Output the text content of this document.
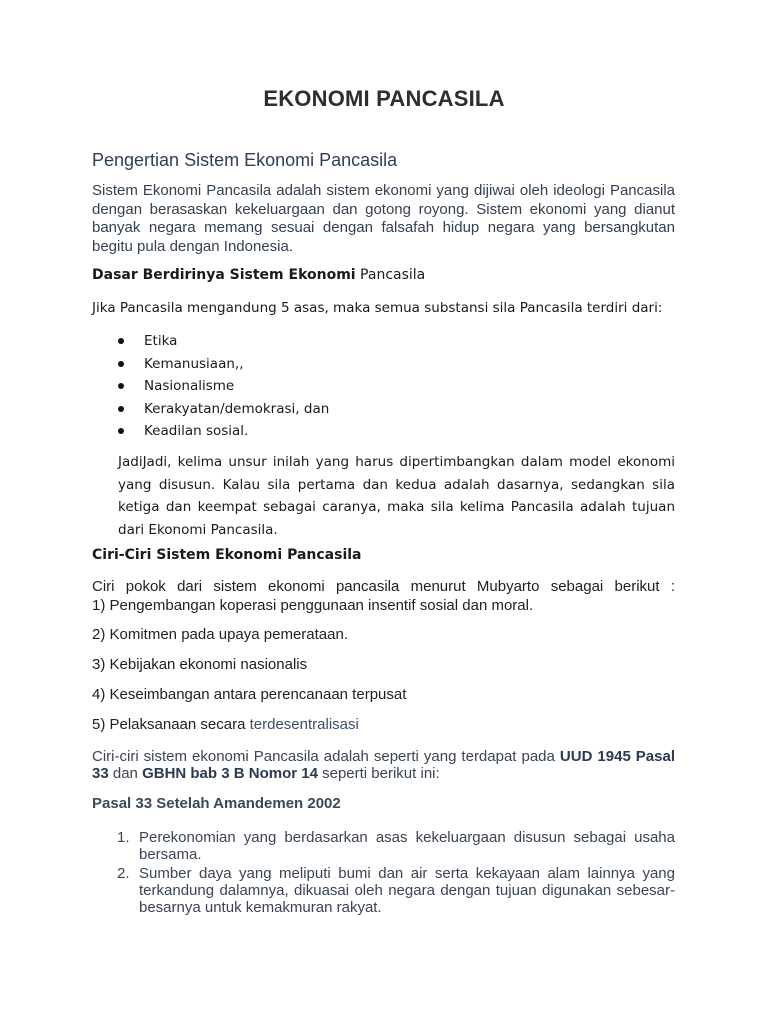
EKONOMI PANCASILA
Pengertian Sistem Ekonomi Pancasila
Sistem Ekonomi Pancasila adalah sistem ekonomi yang dijiwai oleh ideologi Pancasila dengan berasaskan kekeluargaan dan gotong royong. Sistem ekonomi yang dianut banyak negara memang sesuai dengan falsafah hidup negara yang bersangkutan begitu pula dengan Indonesia.
Dasar Berdirinya Sistem Ekonomi Pancasila
Jika Pancasila mengandung 5 asas, maka semua substansi sila Pancasila terdiri dari:
Etika
Kemanusiaan,,
Nasionalisme
Kerakyatan/demokrasi, dan
Keadilan sosial.
JadiJadi, kelima unsur inilah yang harus dipertimbangkan dalam model ekonomi yang disusun. Kalau sila pertama dan kedua adalah dasarnya, sedangkan sila ketiga dan keempat sebagai caranya, maka sila kelima Pancasila adalah tujuan dari Ekonomi Pancasila.
Ciri-Ciri Sistem Ekonomi Pancasila
Ciri pokok dari sistem ekonomi pancasila menurut Mubyarto sebagai berikut :
1) Pengembangan koperasi penggunaan insentif sosial dan moral.
2) Komitmen pada upaya pemerataan.
3) Kebijakan ekonomi nasionalis
4) Keseimbangan antara perencanaan terpusat
5) Pelaksanaan secara terdesentralisasi
Ciri-ciri sistem ekonomi Pancasila adalah seperti yang terdapat pada UUD 1945 Pasal 33 dan GBHN bab 3 B Nomor 14 seperti berikut ini:
Pasal 33 Setelah Amandemen 2002
1. Perekonomian yang berdasarkan asas kekeluargaan disusun sebagai usaha bersama.
2. Sumber daya yang meliputi bumi dan air serta kekayaan alam lainnya yang terkandung dalamnya, dikuasai oleh negara dengan tujuan digunakan sebesar-besarnya untuk kemakmuran rakyat.
